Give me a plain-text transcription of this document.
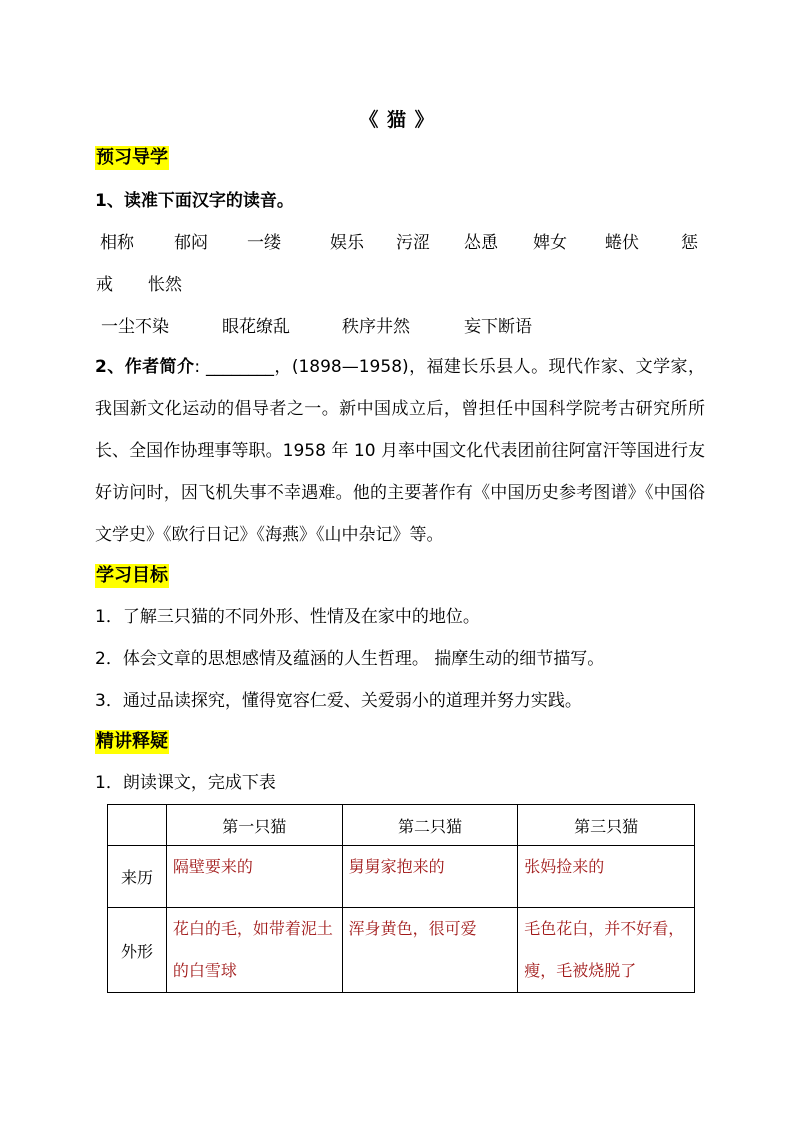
《 猫 》
预习导学
1、读准下面汉字的读音。
相称 郁闷 一缕	娱乐 污涩 怂恿 婢女 蜷伏 惩
戒 怅然
一尘不染	眼花缭乱	秩序井然	妄下断语
2、作者简介: ________，(1898—1958)，福建长乐县人。现代作家、文学家，我国新文化运动的倡导者之一。新中国成立后，曾担任中国科学院考古研究所所长、全国作协理事等职。1958 年 10 月率中国文化代表团前往阿富汗等国进行友好访问时，因飞机失事不幸遇难。他的主要著作有《中国历史参考图谱》《中国俗文学史》《欧行日记》《海燕》《山中杂记》等。
学习目标
1．了解三只猫的不同外形、性情及在家中的地位。
2．体会文章的思想感情及蕴涵的人生哲理。 揣摩生动的细节描写。
3．通过品读探究，懂得宽容仁爱、关爱弱小的道理并努力实践。
精讲释疑
1．朗读课文，完成下表
	第一只猫	第二只猫	第三只猫
来历	隔壁要来的	舅舅家抱来的	张妈捡来的
外形	花白的毛，如带着泥土的白雪球	浑身黄色，很可爱	毛色花白，并不好看，瘦，毛被烧脱了
